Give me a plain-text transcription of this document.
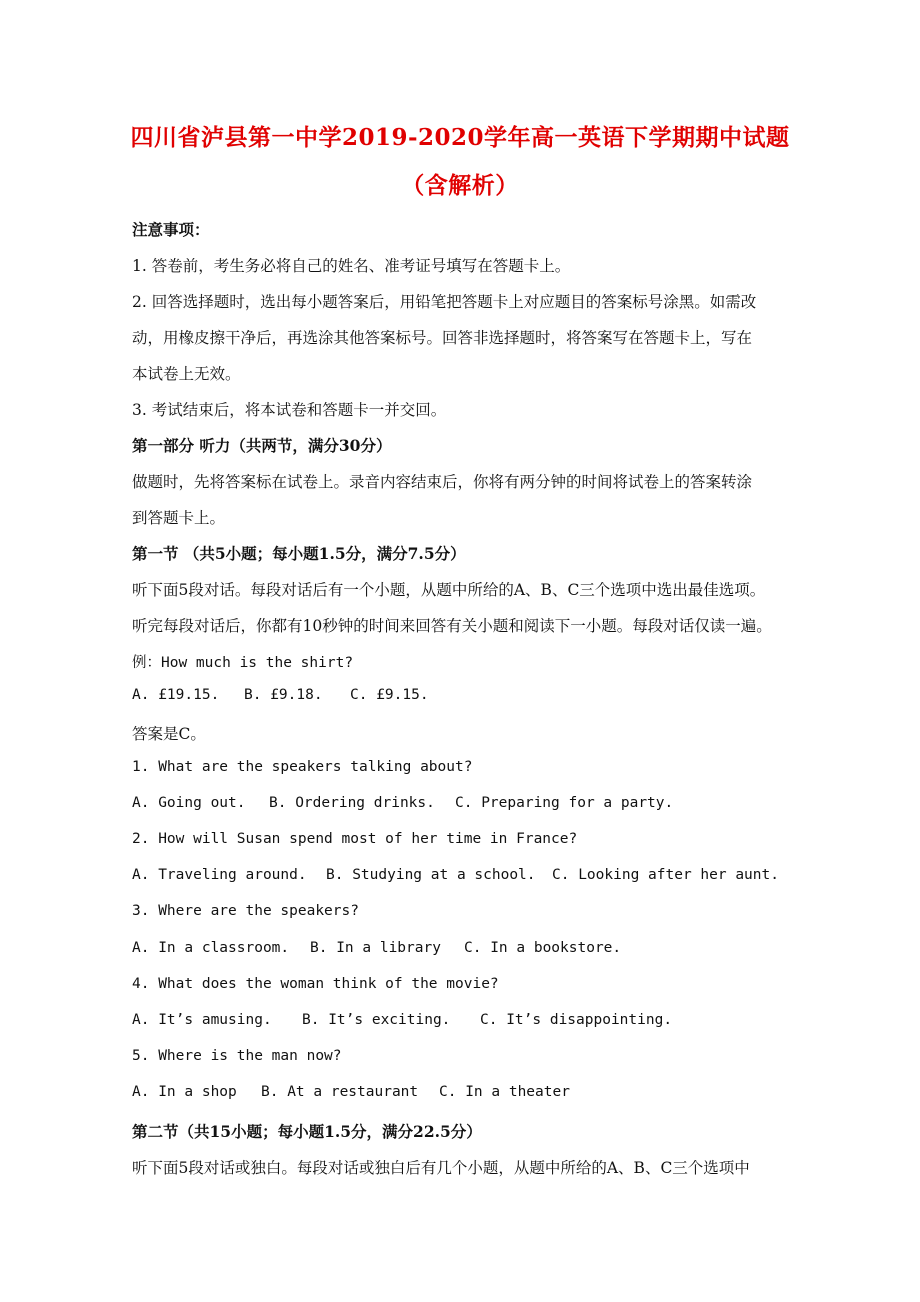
四川省泸县第一中学2019-2020学年高一英语下学期期中试题（含解析）
注意事项：
1. 答卷前，考生务必将自己的姓名、准考证号填写在答题卡上。
2. 回答选择题时，选出每小题答案后，用铅笔把答题卡上对应题目的答案标号涂黑。如需改
动，用橡皮擦干净后，再选涂其他答案标号。回答非选择题时，将答案写在答题卡上，写在
本试卷上无效。
3. 考试结束后，将本试卷和答题卡一并交回。
第一部分 听力（共两节，满分30分）
做题时，先将答案标在试卷上。录音内容结束后，你将有两分钟的时间将试卷上的答案转涂
到答题卡上。
第一节 （共5小题；每小题1.5分，满分7.5分）
听下面5段对话。每段对话后有一个小题，从题中所给的A、B、C三个选项中选出最佳选项。
听完每段对话后，你都有10秒钟的时间来回答有关小题和阅读下一小题。每段对话仅读一遍。
例：How much is the shirt?
A. £19.15. B. £9.18. C. £9.15.
答案是C。
1. What are the speakers talking about?
A. Going out. B. Ordering drinks. C. Preparing for a party.
2. How will Susan spend most of her time in France?
A. Traveling around. B. Studying at a school. C. Looking after her aunt.
3. Where are the speakers?
A. In a classroom. B. In a library C. In a bookstore.
4. What does the woman think of the movie?
A. It’s amusing. B. It’s exciting. C. It’s disappointing.
5. Where is the man now?
A. In a shop B. At a restaurant C. In a theater
第二节（共15小题；每小题1.5分，满分22.5分）
听下面5段对话或独白。每段对话或独白后有几个小题，从题中所给的A、B、C三个选项中
